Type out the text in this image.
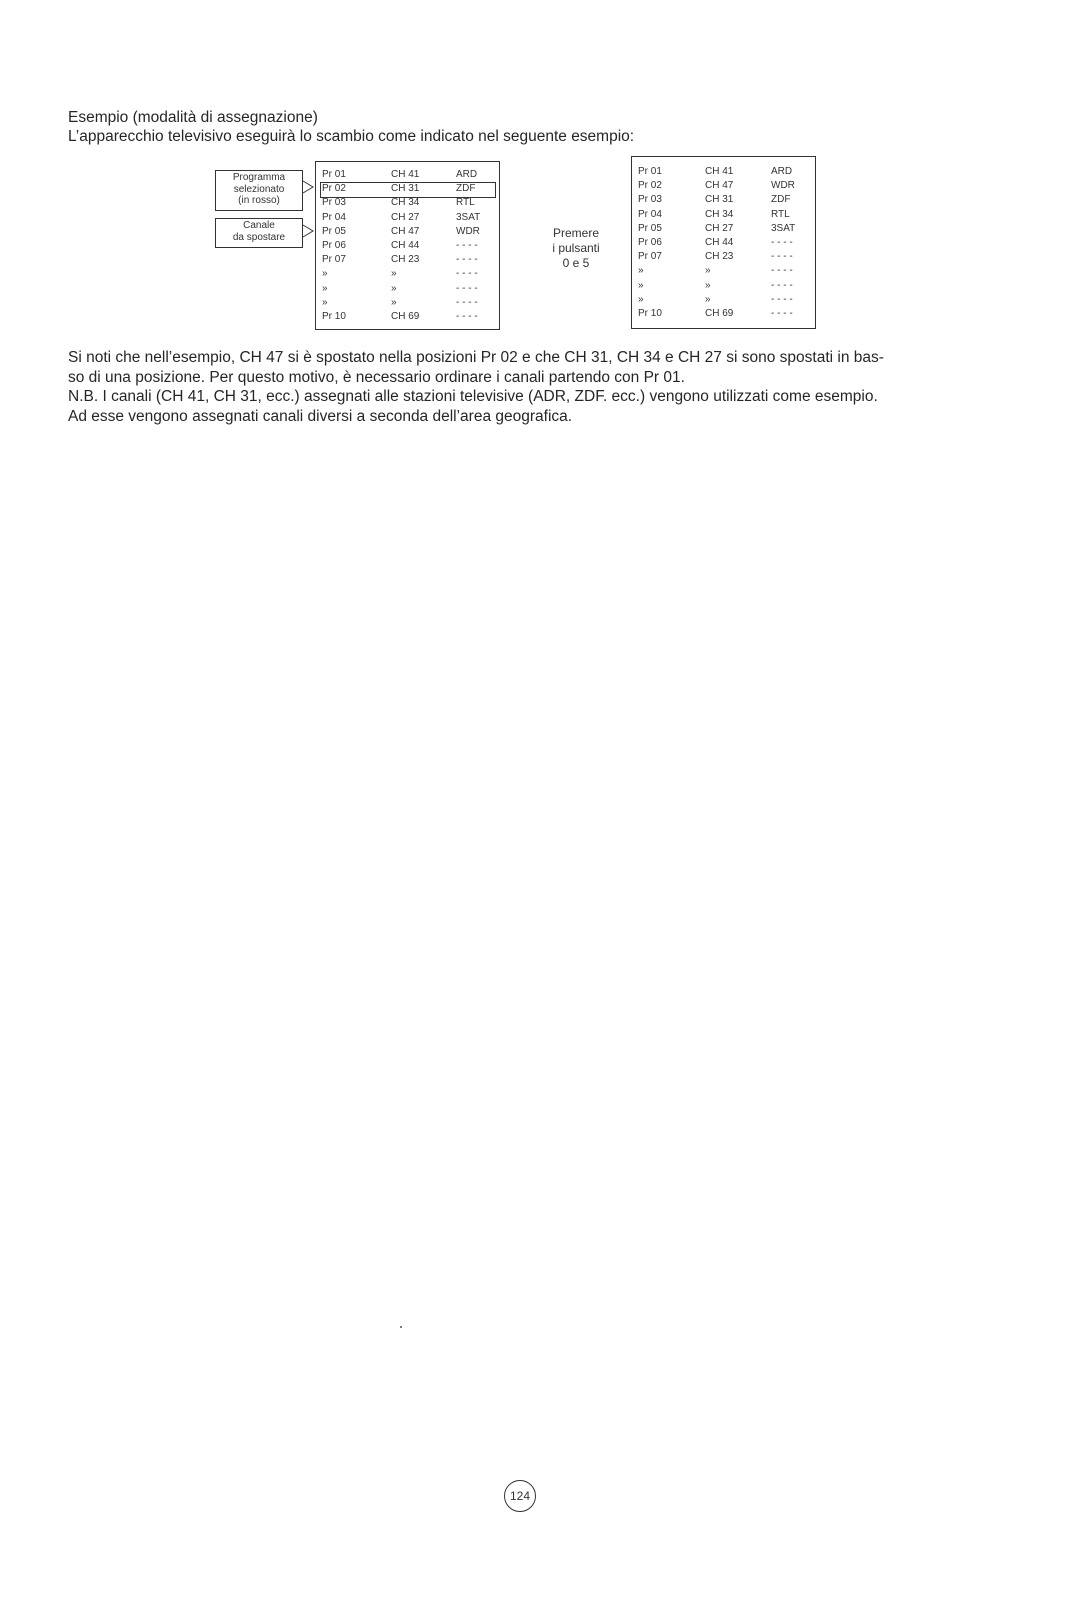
Esempio (modalità di assegnazione)
L’apparecchio televisivo eseguirà lo scambio come indicato nel seguente esempio:
Programma
selezionato
(in rosso)
Canale
da spostare
Pr 01	CH 41	ARD
Pr 02	CH 31	ZDF
Pr 03	CH 34	RTL
Pr 04	CH 27	3SAT
Pr 05	CH 47	WDR
Pr 06	CH 44	- - - -
Pr 07	CH 23	- - - -
»	»	- - - -
»	»	- - - -
»	»	- - - -
Pr 10	CH 69	- - - -
Premere
i pulsanti
0 e 5
Pr 01	CH 41	ARD
Pr 02	CH 47	WDR
Pr 03	CH 31	ZDF
Pr 04	CH 34	RTL
Pr 05	CH 27	3SAT
Pr 06	CH 44	- - - -
Pr 07	CH 23	- - - -
»	»	- - - -
»	»	- - - -
»	»	- - - -
Pr 10	CH 69	- - - -
Si noti che nell’esempio, CH 47 si è spostato nella posizioni Pr 02 e che CH 31, CH 34 e CH 27 si sono spostati in bas-
so di una posizione. Per questo motivo, è necessario ordinare i canali partendo con Pr 01.
N.B. I canali (CH 41, CH 31, ecc.) assegnati alle stazioni televisive (ADR, ZDF. ecc.) vengono utilizzati come esempio.
Ad esse vengono assegnati canali diversi a seconda dell’area geografica.
124
